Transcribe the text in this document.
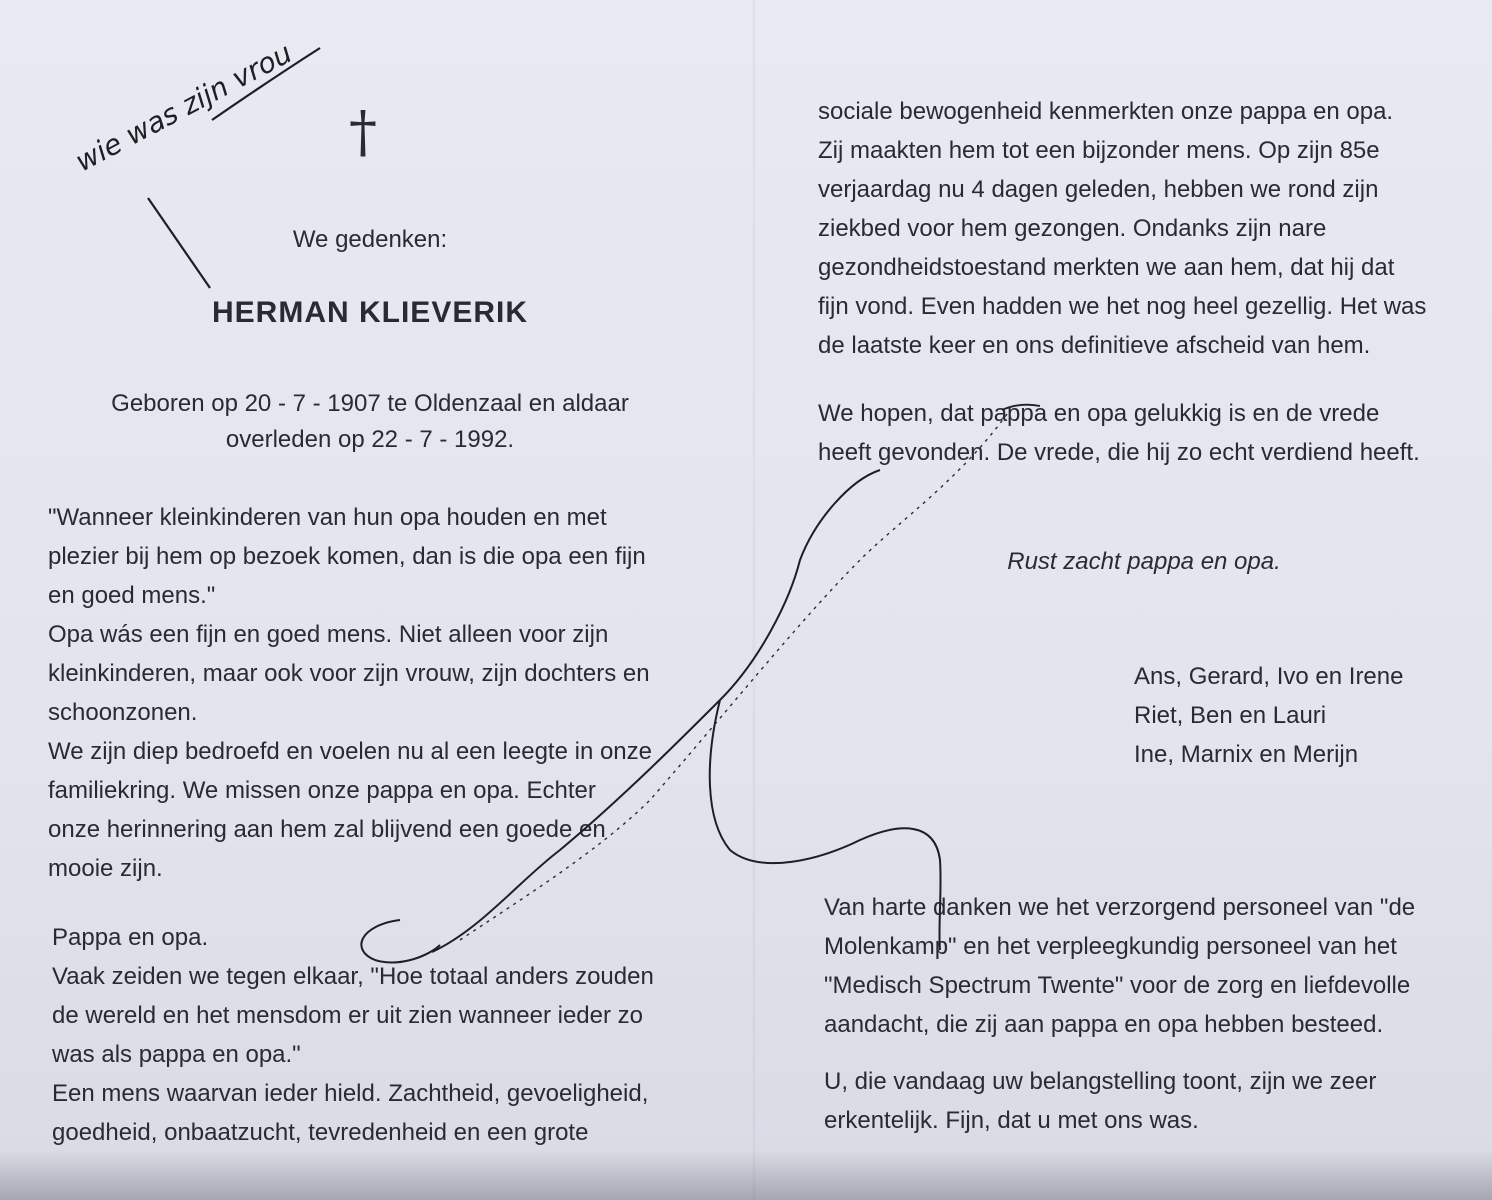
†
We gedenken:
HERMAN KLIEVERIK
Geboren op 20 - 7 - 1907 te Oldenzaal en aldaar
overleden op 22 - 7 - 1992.

"Wanneer kleinkinderen van hun opa houden en met
plezier bij hem op bezoek komen, dan is die opa een fijn
en goed mens."

Opa wás een fijn en goed mens. Niet alleen voor zijn
kleinkinderen, maar ook voor zijn vrouw, zijn dochters en
schoonzonen.

We zijn diep bedroefd en voelen nu al een leegte in onze
familiekring. We missen onze pappa en opa. Echter
onze herinnering aan hem zal blijvend een goede en
mooie zijn.

Pappa en opa.

Vaak zeiden we tegen elkaar, "Hoe totaal anders zouden
de wereld en het mensdom er uit zien wanneer ieder zo
was als pappa en opa."

Een mens waarvan ieder hield. Zachtheid, gevoeligheid,
goedheid, onbaatzucht, tevredenheid en een grote

sociale bewogenheid kenmerkten onze pappa en opa.
Zij maakten hem tot een bijzonder mens. Op zijn 85e
verjaardag nu 4 dagen geleden, hebben we rond zijn
ziekbed voor hem gezongen. Ondanks zijn nare
gezondheidstoestand merkten we aan hem, dat hij dat
fijn vond. Even hadden we het nog heel gezellig. Het was
de laatste keer en ons definitieve afscheid van hem.

We hopen, dat pappa en opa gelukkig is en de vrede
heeft gevonden. De vrede, die hij zo echt verdiend heeft.

Rust zacht pappa en opa.
Ans, Gerard, Ivo en Irene
Riet, Ben en Lauri
Ine, Marnix en Merijn

Van harte danken we het verzorgend personeel van "de
Molenkamp" en het verpleegkundig personeel van het
"Medisch Spectrum Twente" voor de zorg en liefdevolle
aandacht, die zij aan pappa en opa hebben besteed.

U, die vandaag uw belangstelling toont, zijn we zeer
erkentelijk. Fijn, dat u met ons was.

wie was zijn vrou
